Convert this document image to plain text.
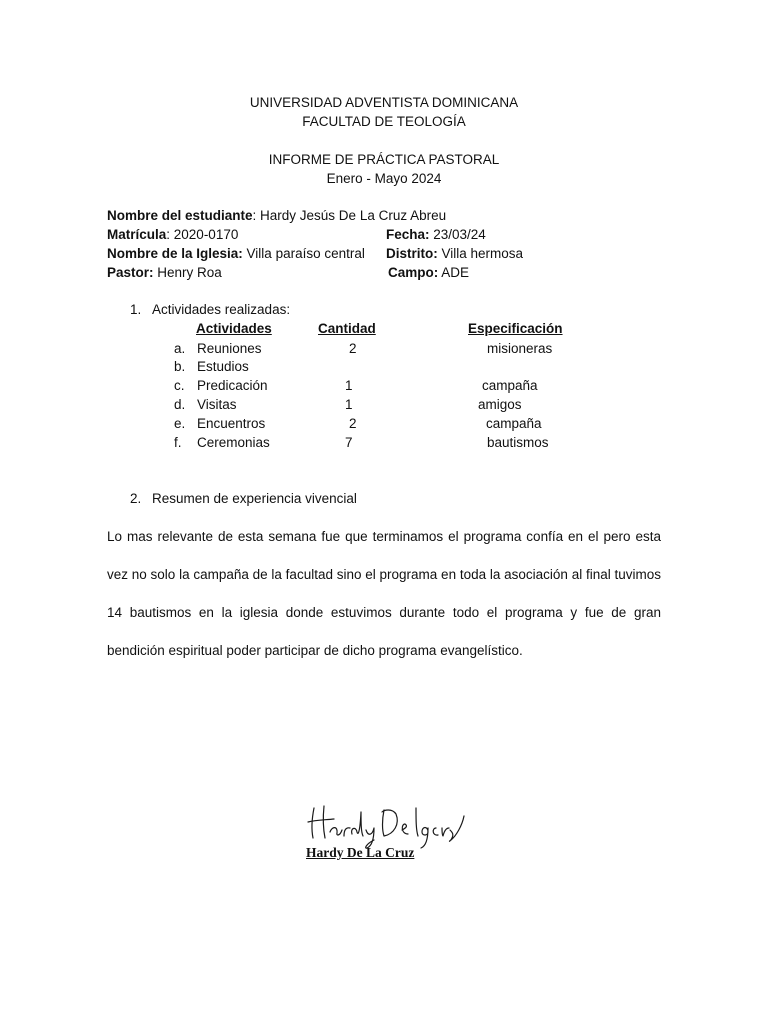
UNIVERSIDAD ADVENTISTA DOMINICANA
FACULTAD DE TEOLOGÍA
INFORME DE PRÁCTICA PASTORAL
Enero - Mayo 2024
Nombre del estudiante: Hardy Jesús De La Cruz Abreu
Matrícula: 2020-0170	Fecha: 23/03/24
Nombre de la Iglesia: Villa paraíso central Distrito: Villa hermosa
Pastor: Henry Roa	Campo: ADE
1. Actividades realizadas:
Actividades	Cantidad	Especificación
a. Reuniones	2	misioneras
b. Estudios
c. Predicación	1	campaña
d. Visitas	1	amigos
e. Encuentros	2	campaña
f. Ceremonias	7	bautismos
2. Resumen de experiencia vivencial
Lo mas relevante de esta semana fue que terminamos el programa confía en el pero esta vez no solo la campaña de la facultad sino el programa en toda la asociación al final tuvimos 14 bautismos en la iglesia donde estuvimos durante todo el programa y fue de gran bendición espiritual poder participar de dicho programa evangelístico.
Hardy De La Cruz
